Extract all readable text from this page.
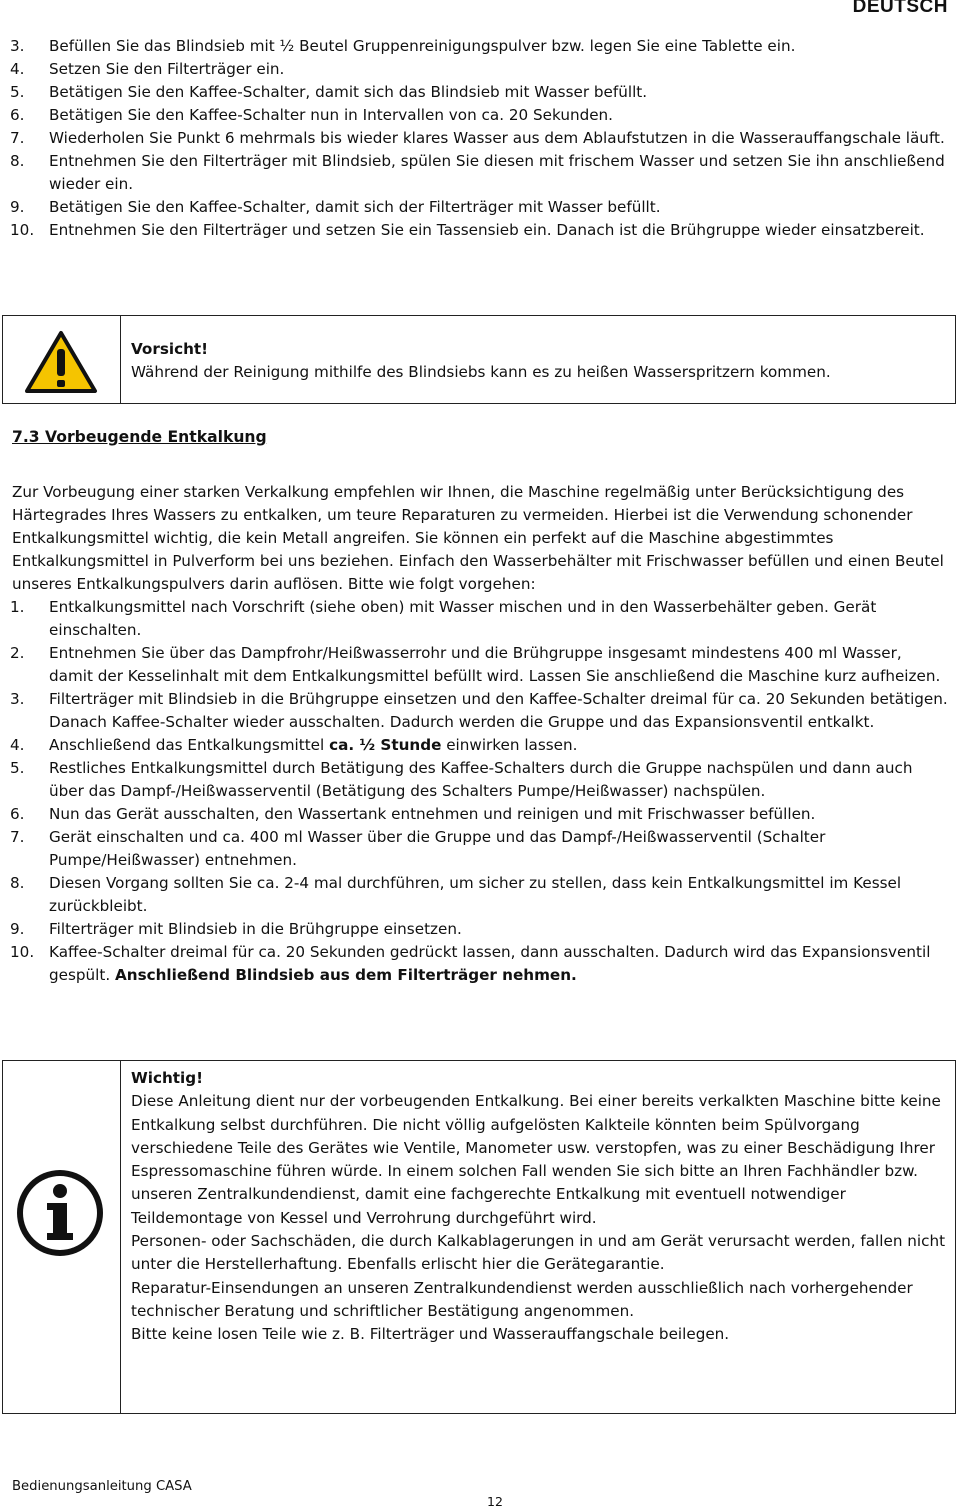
DEUTSCH
3.	Befüllen Sie das Blindsieb mit ½ Beutel Gruppenreinigungspulver bzw. legen Sie eine Tablette ein.
4.	Setzen Sie den Filterträger ein.
5.	Betätigen Sie den Kaffee-Schalter, damit sich das Blindsieb mit Wasser befüllt.
6.	Betätigen Sie den Kaffee-Schalter nun in Intervallen von ca. 20 Sekunden.
7.	Wiederholen Sie Punkt 6 mehrmals bis wieder klares Wasser aus dem Ablaufstutzen in die Wasserauffangschale läuft.
8.	Entnehmen Sie den Filterträger mit Blindsieb, spülen Sie diesen mit frischem Wasser und setzen Sie ihn anschließend wieder ein.
9.	Betätigen Sie den Kaffee-Schalter, damit sich der Filterträger mit Wasser befüllt.
10. Entnehmen Sie den Filterträger und setzen Sie ein Tassensieb ein. Danach ist die Brühgruppe wieder einsatzbereit.
Vorsicht!
Während der Reinigung mithilfe des Blindsiebs kann es zu heißen Wasserspritzern kommen.
7.3 Vorbeugende Entkalkung

Zur Vorbeugung einer starken Verkalkung empfehlen wir Ihnen, die Maschine regelmäßig unter Berücksichtigung des Härtegrades Ihres Wassers zu entkalken, um teure Reparaturen zu vermeiden. Hierbei ist die Verwendung schonender Entkalkungsmittel wichtig, die kein Metall angreifen. Sie können ein perfekt auf die Maschine abgestimmtes Entkalkungsmittel in Pulverform bei uns beziehen. Einfach den Wasserbehälter mit Frischwasser befüllen und einen Beutel unseres Entkalkungspulvers darin auflösen. Bitte wie folgt vorgehen:

1.	Entkalkungsmittel nach Vorschrift (siehe oben) mit Wasser mischen und in den Wasserbehälter geben. Gerät einschalten.
2.	Entnehmen Sie über das Dampfrohr/Heißwasserrohr und die Brühgruppe insgesamt mindestens 400 ml Wasser, damit der Kesselinhalt mit dem Entkalkungsmittel befüllt wird. Lassen Sie anschließend die Maschine kurz aufheizen.
3.	Filterträger mit Blindsieb in die Brühgruppe einsetzen und den Kaffee-Schalter dreimal für ca. 20 Sekunden betätigen. Danach Kaffee-Schalter wieder ausschalten. Dadurch werden die Gruppe und das Expansionsventil entkalkt.
4.	Anschließend das Entkalkungsmittel ca. ½ Stunde einwirken lassen.
5.	Restliches Entkalkungsmittel durch Betätigung des Kaffee-Schalters durch die Gruppe nachspülen und dann auch über das Dampf-/Heißwasserventil (Betätigung des Schalters Pumpe/Heißwasser) nachspülen.
6.	Nun das Gerät ausschalten, den Wassertank entnehmen und reinigen und mit Frischwasser befüllen.
7.	Gerät einschalten und ca. 400 ml Wasser über die Gruppe und das Dampf-/Heißwasserventil (Schalter Pumpe/Heißwasser) entnehmen.
8.	Diesen Vorgang sollten Sie ca. 2-4 mal durchführen, um sicher zu stellen, dass kein Entkalkungsmittel im Kessel zurückbleibt.
9.	Filterträger mit Blindsieb in die Brühgruppe einsetzen.
10. Kaffee-Schalter dreimal für ca. 20 Sekunden gedrückt lassen, dann ausschalten. Dadurch wird das Expansionsventil gespült. Anschließend Blindsieb aus dem Filterträger nehmen.
Wichtig!
Diese Anleitung dient nur der vorbeugenden Entkalkung. Bei einer bereits verkalkten Maschine bitte keine Entkalkung selbst durchführen. Die nicht völlig aufgelösten Kalkteile könnten beim Spülvorgang verschiedene Teile des Gerätes wie Ventile, Manometer usw. verstopfen, was zu einer Beschädigung Ihrer Espressomaschine führen würde. In einem solchen Fall wenden Sie sich bitte an Ihren Fachhändler bzw. unseren Zentralkundendienst, damit eine fachgerechte Entkalkung mit eventuell notwendiger Teildemontage von Kessel und Verrohrung durchgeführt wird.
Personen- oder Sachschäden, die durch Kalkablagerungen in und am Gerät verursacht werden, fallen nicht unter die Herstellerhaftung. Ebenfalls erlischt hier die Gerätegarantie.
Reparatur-Einsendungen an unseren Zentralkundendienst werden ausschließlich nach vorhergehender technischer Beratung und schriftlicher Bestätigung angenommen.
Bitte keine losen Teile wie z. B. Filterträger und Wasserauffangschale beilegen.
Bedienungsanleitung CASA
12
